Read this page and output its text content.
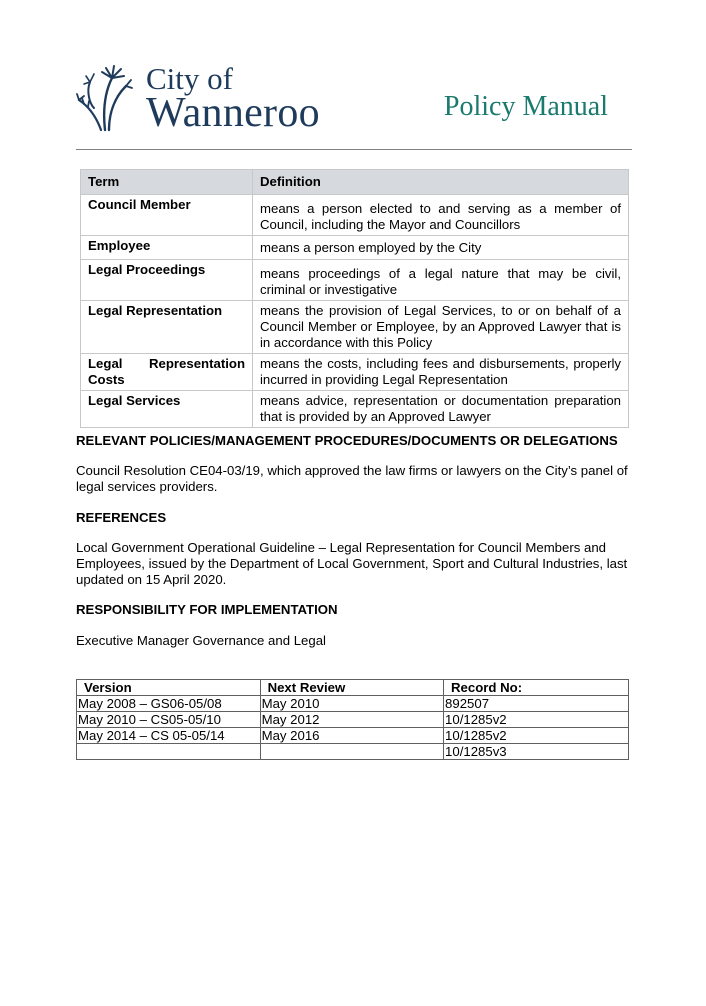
City of
Wanneroo	Policy Manual
Term	Definition
Council Member	means a person elected to and serving as a member of Council, including the Mayor and Councillors

Employee	means a person employed by the City

Legal Proceedings	means proceedings of a legal nature that may be civil, criminal or investigative

Legal Representation	means the provision of Legal Services, to or on behalf of a Council Member or Employee, by an Approved Lawyer that is in accordance with this Policy
Legal Representation Costs	means the costs, including fees and disbursements, properly incurred in providing Legal Representation
Legal Services	means advice, representation or documentation preparation that is provided by an Approved Lawyer
RELEVANT POLICIES/MANAGEMENT PROCEDURES/DOCUMENTS OR DELEGATIONS
Council Resolution CE04-03/19, which approved the law firms or lawyers on the City’s panel of legal services providers.
REFERENCES
Local Government Operational Guideline – Legal Representation for Council Members and Employees, issued by the Department of Local Government, Sport and Cultural Industries, last updated on 15 April 2020.
RESPONSIBILITY FOR IMPLEMENTATION
Executive Manager Governance and Legal
Version	Next Review	Record No:
May 2008 – GS06-05/08	May 2010	892507
May 2010 – CS05-05/10	May 2012	10/1285v2
May 2014 – CS 05-05/14	May 2016	10/1285v2
		10/1285v3
